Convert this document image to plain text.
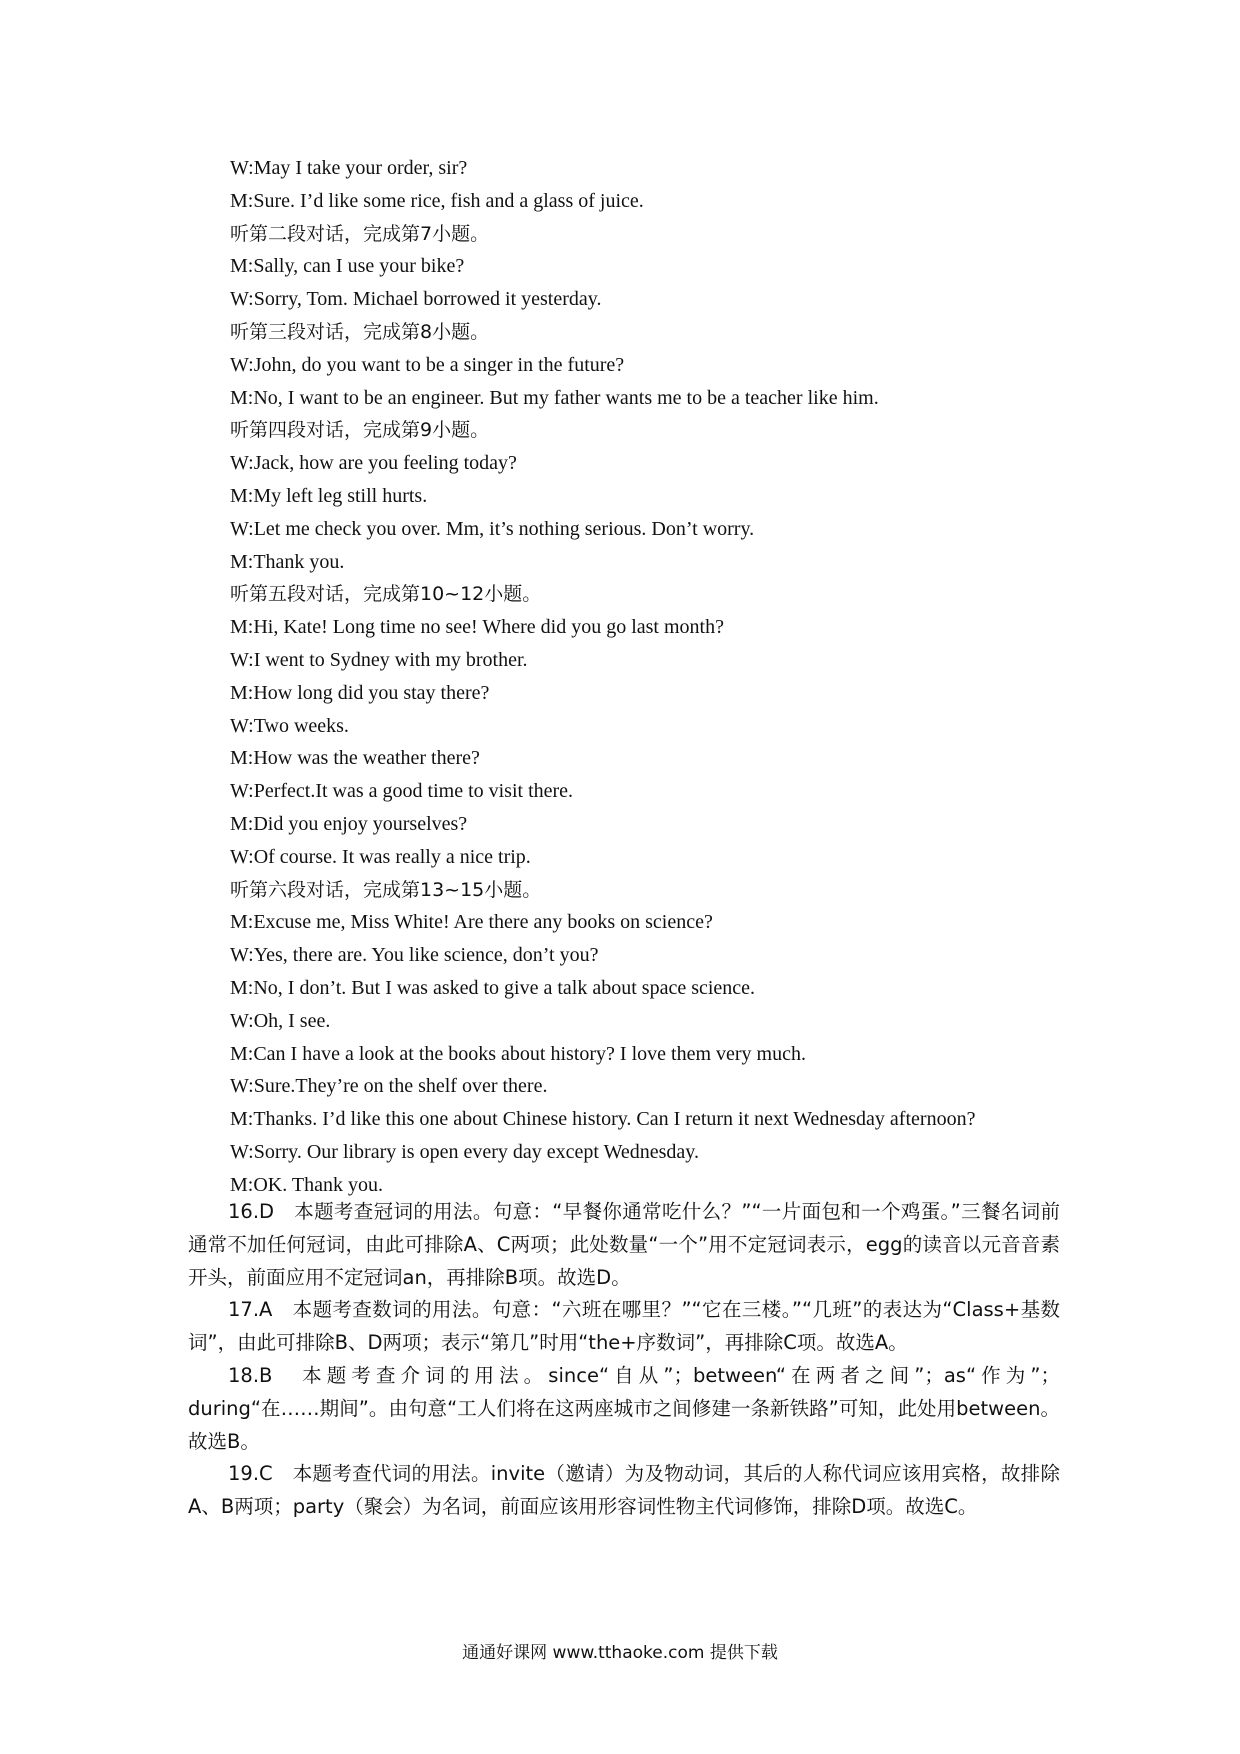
W:May I take your order, sir?
M:Sure. I’d like some rice, fish and a glass of juice.
听第二段对话，完成第7小题。
M:Sally, can I use your bike?
W:Sorry, Tom. Michael borrowed it yesterday.
听第三段对话，完成第8小题。
W:John, do you want to be a singer in the future?
M:No, I want to be an engineer. But my father wants me to be a teacher like him.
听第四段对话，完成第9小题。
W:Jack, how are you feeling today?
M:My left leg still hurts.
W:Let me check you over. Mm, it’s nothing serious. Don’t worry.
M:Thank you.
听第五段对话，完成第10~12小题。
M:Hi, Kate! Long time no see! Where did you go last month?
W:I went to Sydney with my brother.
M:How long did you stay there?
W:Two weeks.
M:How was the weather there?
W:Perfect.It was a good time to visit there.
M:Did you enjoy yourselves?
W:Of course. It was really a nice trip.
听第六段对话，完成第13~15小题。
M:Excuse me, Miss White! Are there any books on science?
W:Yes, there are. You like science, don’t you?
M:No, I don’t. But I was asked to give a talk about space science.
W:Oh, I see.
M:Can I have a look at the books about history? I love them very much.
W:Sure.They’re on the shelf over there.
M:Thanks. I’d like this one about Chinese history. Can I return it next Wednesday afternoon?
W:Sorry. Our library is open every day except Wednesday.
M:OK. Thank you.

16.D　本题考查冠词的用法。句意：“早餐你通常吃什么？”“一片面包和一个鸡蛋。”三餐名词前通常不加任何冠词，由此可排除A、C两项；此处数量“一个”用不定冠词表示，egg的读音以元音音素开头，前面应用不定冠词an，再排除B项。故选D。

17.A　本题考查数词的用法。句意：“六班在哪里？”“它在三楼。”“几班”的表达为“Class+基数词”，由此可排除B、D两项；表示“第几”时用“the+序数词”，再排除C项。故选A。

18.B　本题考查介词的用法。since“自从”；between“在两者之间”；as“作为”；during“在……期间”。由句意“工人们将在这两座城市之间修建一条新铁路”可知，此处用between。故选B。

19.C　本题考查代词的用法。invite（邀请）为及物动词，其后的人称代词应该用宾格，故排除A、B两项；party（聚会）为名词，前面应该用形容词性物主代词修饰，排除D项。故选C。

通通好课网 www.tthaoke.com 提供下载
